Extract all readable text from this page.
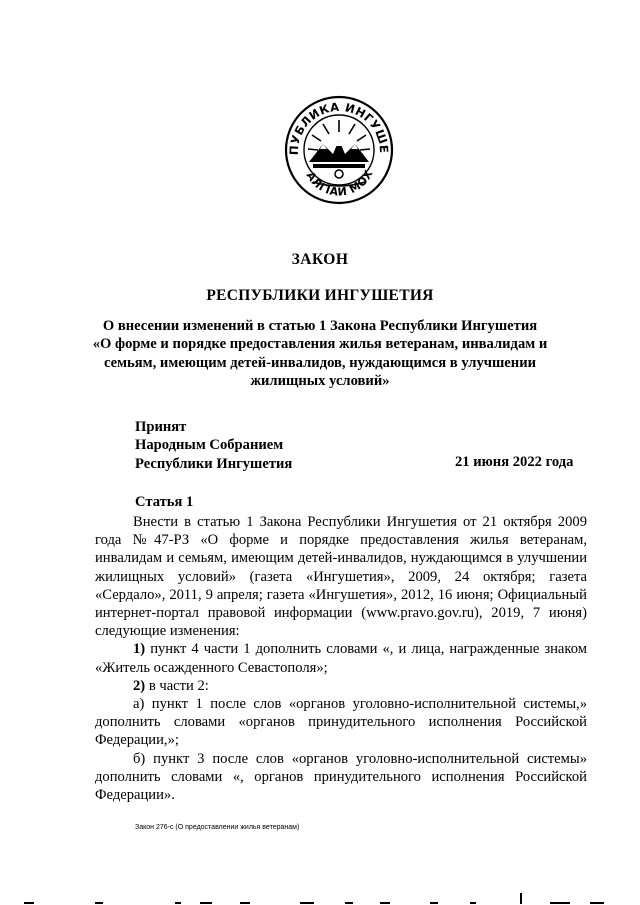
ПУБЛИКА ИНГУШЕ
АЛГIАЙ МОХ
ЗАКОН
РЕСПУБЛИКИ ИНГУШЕТИЯ
О внесении изменений в статью 1 Закона Республики Ингушетия
«О форме и порядке предоставления жилья ветеранам, инвалидам и
семьям, имеющим детей-инвалидов, нуждающимся в улучшении
жилищных условий»
Принят
Народным Собранием
Республики Ингушетия	21 июня 2022 года
Статья 1

Внести в статью 1 Закона Республики Ингушетия от 21 октября 2009 года №47-РЗ «О форме и порядке предоставления жилья ветеранам, инвалидам и семьям, имеющим детей-инвалидов, нуждающимся в улучшении жилищных условий» (газета «Ингушетия», 2009, 24 октября; газета «Сердало», 2011, 9 апреля; газета «Ингушетия», 2012, 16 июня; Официальный интернет-портал правовой информации (www.pravo.gov.ru), 2019, 7 июня) следующие изменения:

1) пункт 4 части 1 дополнить словами «, и лица, награжденные знаком «Житель осажденного Севастополя»;

2) в части 2:

а) пункт 1 после слов «органов уголовно-исполнительной системы,» дополнить словами «органов принудительного исполнения Российской Федерации,»;

б) пункт 3 после слов «органов уголовно-исполнительной системы» дополнить словами «, органов принудительного исполнения Российской Федерации».

Закон 276-с (О предоставлении жилья ветеранам)
